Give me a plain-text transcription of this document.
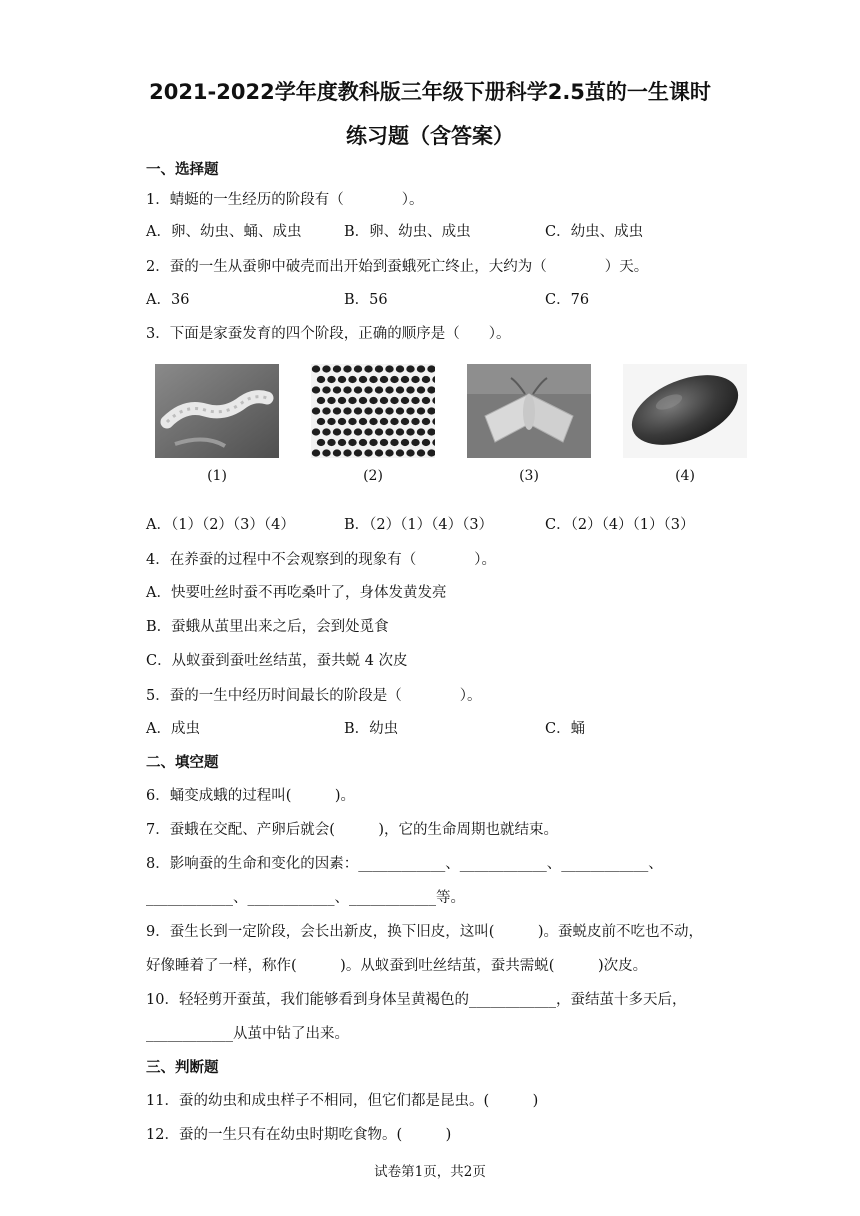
2021-2022学年度教科版三年级下册科学2.5茧的一生课时
练习题（含答案）
一、选择题
1．蜻蜓的一生经历的阶段有（　　　　）。
A．卵、幼虫、蛹、成虫	B．卵、幼虫、成虫	C．幼虫、成虫
2．蚕的一生从蚕卵中破壳而出开始到蚕蛾死亡终止，大约为（　　　　）天。
A．36	B．56	C．76
3．下面是家蚕发育的四个阶段，正确的顺序是（　　）。
(1)	(2)	(3)	(4)
A．（1）（2）（3）（4）	B．（2）（1）（4）（3）	C．（2）（4）（1）（3）
4．在养蚕的过程中不会观察到的现象有（　　　　）。
A．快要吐丝时蚕不再吃桑叶了，身体发黄发亮
B．蚕蛾从茧里出来之后，会到处觅食
C．从蚁蚕到蚕吐丝结茧，蚕共蜕 4 次皮
5．蚕的一生中经历时间最长的阶段是（　　　　）。
A．成虫	B．幼虫	C．蛹
二、填空题
6．蛹变成蛾的过程叫(　　　)。
7．蚕蛾在交配、产卵后就会(　　　)，它的生命周期也就结束。
8．影响蚕的生命和变化的因素：____________、____________、____________、
____________、____________、____________等。
9．蚕生长到一定阶段，会长出新皮，换下旧皮，这叫(　　　)。蚕蜕皮前不吃也不动，
好像睡着了一样，称作(　　　)。从蚁蚕到吐丝结茧，蚕共需蜕(　　　)次皮。
10．轻轻剪开蚕茧，我们能够看到身体呈黄褐色的____________，蚕结茧十多天后，
____________从茧中钻了出来。
三、判断题
11．蚕的幼虫和成虫样子不相同，但它们都是昆虫。(　　　)
12．蚕的一生只有在幼虫时期吃食物。(　　　)
试卷第1页，共2页
